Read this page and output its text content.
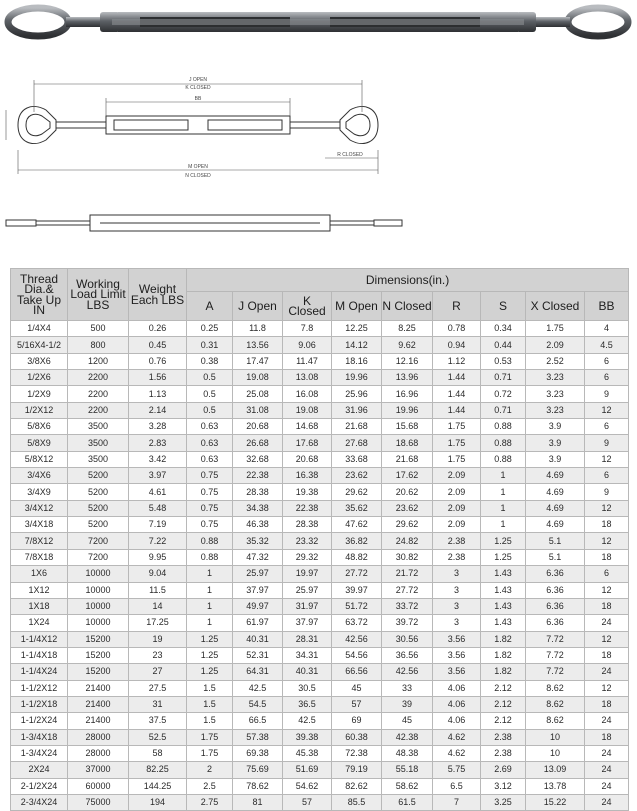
J OPEN
K CLOSED
BB
R CLOSED
M OPEN
N CLOSED
Thread Dia.& Take Up IN	Working Load Limit LBS	Weight Each LBS	Dimensions(in.)								
			A	J Open	K Closed	M Open	N Closed	R	S	X Closed	BB
1/4X4	500	0.26	0.25	11.8	7.8	12.25	8.25	0.78	0.34	1.75	4
5/16X4-1/2	800	0.45	0.31	13.56	9.06	14.12	9.62	0.94	0.44	2.09	4.5
3/8X6	1200	0.76	0.38	17.47	11.47	18.16	12.16	1.12	0.53	2.52	6
1/2X6	2200	1.56	0.5	19.08	13.08	19.96	13.96	1.44	0.71	3.23	6
1/2X9	2200	1.13	0.5	25.08	16.08	25.96	16.96	1.44	0.72	3.23	9
1/2X12	2200	2.14	0.5	31.08	19.08	31.96	19.96	1.44	0.71	3.23	12
5/8X6	3500	3.28	0.63	20.68	14.68	21.68	15.68	1.75	0.88	3.9	6
5/8X9	3500	2.83	0.63	26.68	17.68	27.68	18.68	1.75	0.88	3.9	9
5/8X12	3500	3.42	0.63	32.68	20.68	33.68	21.68	1.75	0.88	3.9	12
3/4X6	5200	3.97	0.75	22.38	16.38	23.62	17.62	2.09	1	4.69	6
3/4X9	5200	4.61	0.75	28.38	19.38	29.62	20.62	2.09	1	4.69	9
3/4X12	5200	5.48	0.75	34.38	22.38	35.62	23.62	2.09	1	4.69	12
3/4X18	5200	7.19	0.75	46.38	28.38	47.62	29.62	2.09	1	4.69	18
7/8X12	7200	7.22	0.88	35.32	23.32	36.82	24.82	2.38	1.25	5.1	12
7/8X18	7200	9.95	0.88	47.32	29.32	48.82	30.82	2.38	1.25	5.1	18
1X6	10000	9.04	1	25.97	19.97	27.72	21.72	3	1.43	6.36	6
1X12	10000	11.5	1	37.97	25.97	39.97	27.72	3	1.43	6.36	12
1X18	10000	14	1	49.97	31.97	51.72	33.72	3	1.43	6.36	18
1X24	10000	17.25	1	61.97	37.97	63.72	39.72	3	1.43	6.36	24
1-1/4X12	15200	19	1.25	40.31	28.31	42.56	30.56	3.56	1.82	7.72	12
1-1/4X18	15200	23	1.25	52.31	34.31	54.56	36.56	3.56	1.82	7.72	18
1-1/4X24	15200	27	1.25	64.31	40.31	66.56	42.56	3.56	1.82	7.72	24
1-1/2X12	21400	27.5	1.5	42.5	30.5	45	33	4.06	2.12	8.62	12
1-1/2X18	21400	31	1.5	54.5	36.5	57	39	4.06	2.12	8.62	18
1-1/2X24	21400	37.5	1.5	66.5	42.5	69	45	4.06	2.12	8.62	24
1-3/4X18	28000	52.5	1.75	57.38	39.38	60.38	42.38	4.62	2.38	10	18
1-3/4X24	28000	58	1.75	69.38	45.38	72.38	48.38	4.62	2.38	10	24
2X24	37000	82.25	2	75.69	51.69	79.19	55.18	5.75	2.69	13.09	24
2-1/2X24	60000	144.25	2.5	78.62	54.62	82.62	58.62	6.5	3.12	13.78	24
2-3/4X24	75000	194	2.75	81	57	85.5	61.5	7	3.25	15.22	24
